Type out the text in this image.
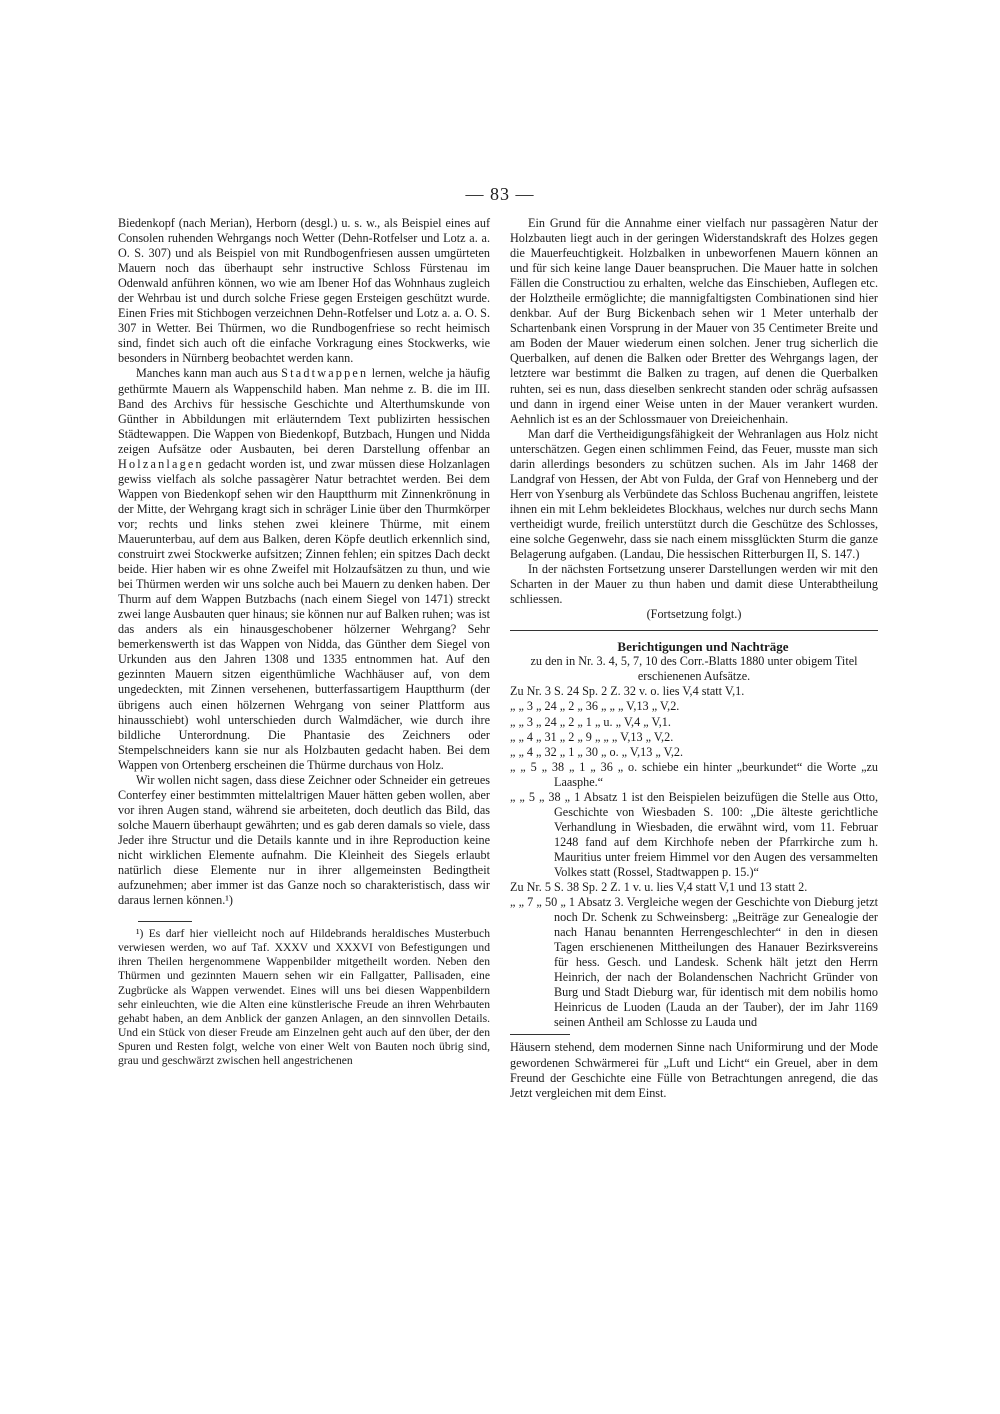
— 83 —

Biedenkopf (nach Merian), Herborn (desgl.) u. s. w., als Beispiel eines auf Consolen ruhenden Wehrgangs noch Wetter (Dehn-Rotfelser und Lotz a. a. O. S. 307) und als Beispiel von mit Rundbogenfriesen aussen umgürteten Mauern noch das überhaupt sehr instructive Schloss Fürstenau im Odenwald anführen können, wo wie am Ibener Hof das Wohnhaus zugleich der Wehrbau ist und durch solche Friese gegen Ersteigen geschützt wurde. Einen Fries mit Stichbogen verzeichnen Dehn-Rotfelser und Lotz a. a. O. S. 307 in Wetter. Bei Thürmen, wo die Rundbogenfriese so recht heimisch sind, findet sich auch oft die einfache Vorkragung eines Stockwerks, wie besonders in Nürnberg beobachtet werden kann.

Manches kann man auch aus Stadtwappen lernen, welche ja häufig gethürmte Mauern als Wappenschild haben. Man nehme z. B. die im III. Band des Archivs für hessische Geschichte und Alterthumskunde von Günther in Abbildungen mit erläuterndem Text publizirten hessischen Städtewappen. Die Wappen von Biedenkopf, Butzbach, Hungen und Nidda zeigen Aufsätze oder Ausbauten, bei deren Darstellung offenbar an Holzanlagen gedacht worden ist, und zwar müssen diese Holzanlagen gewiss vielfach als solche passagèrer Natur betrachtet werden. Bei dem Wappen von Biedenkopf sehen wir den Hauptthurm mit Zinnenkrönung in der Mitte, der Wehrgang kragt sich in schräger Linie über den Thurmkörper vor; rechts und links stehen zwei kleinere Thürme, mit einem Mauerunterbau, auf dem aus Balken, deren Köpfe deutlich erkennlich sind, construirt zwei Stockwerke aufsitzen; Zinnen fehlen; ein spitzes Dach deckt beide. Hier haben wir es ohne Zweifel mit Holzaufsätzen zu thun, und wie bei Thürmen werden wir uns solche auch bei Mauern zu denken haben. Der Thurm auf dem Wappen Butzbachs (nach einem Siegel von 1471) streckt zwei lange Ausbauten quer hinaus; sie können nur auf Balken ruhen; was ist das anders als ein hinausgeschobener hölzerner Wehrgang? Sehr bemerkenswerth ist das Wappen von Nidda, das Günther dem Siegel von Urkunden aus den Jahren 1308 und 1335 entnommen hat. Auf den gezinnten Mauern sitzen eigenthümliche Wachhäuser auf, von dem ungedeckten, mit Zinnen versehenen, butterfassartigem Hauptthurm (der übrigens auch einen hölzernen Wehrgang von seiner Plattform aus hinausschiebt) wohl unterschieden durch Walmdächer, wie durch ihre bildliche Unterordnung. Die Phantasie des Zeichners oder Stempelschneiders kann sie nur als Holzbauten gedacht haben. Bei dem Wappen von Ortenberg erscheinen die Thürme durchaus von Holz.

Wir wollen nicht sagen, dass diese Zeichner oder Schneider ein getreues Conterfey einer bestimmten mittelaltrigen Mauer hätten geben wollen, aber vor ihren Augen stand, während sie arbeiteten, doch deutlich das Bild, das solche Mauern überhaupt gewährten; und es gab deren damals so viele, dass Jeder ihre Structur und die Details kannte und in ihre Reproduction keine nicht wirklichen Elemente aufnahm. Die Kleinheit des Siegels erlaubt natürlich diese Elemente nur in ihrer allgemeinsten Bedingtheit aufzunehmen; aber immer ist das Ganze noch so charakteristisch, dass wir daraus lernen können.¹)

¹) Es darf hier vielleicht noch auf Hildebrands heraldisches Musterbuch verwiesen werden, wo auf Taf. XXXV und XXXVI von Befestigungen und ihren Theilen hergenommene Wappenbilder mitgetheilt worden. Neben den Thürmen und gezinnten Mauern sehen wir ein Fallgatter, Pallisaden, eine Zugbrücke als Wappen verwendet. Eines will uns bei diesen Wappenbildern sehr einleuchten, wie die Alten eine künstlerische Freude an ihren Wehrbauten gehabt haben, an dem Anblick der ganzen Anlagen, an den sinnvollen Details. Und ein Stück von dieser Freude am Einzelnen geht auch auf den über, der den Spuren und Resten folgt, welche von einer Welt von Bauten noch übrig sind, grau und geschwärzt zwischen hell angestrichenen

Ein Grund für die Annahme einer vielfach nur passagèren Natur der Holzbauten liegt auch in der geringen Widerstandskraft des Holzes gegen die Mauerfeuchtigkeit. Holzbalken in unbeworfenen Mauern können an und für sich keine lange Dauer beanspruchen. Die Mauer hatte in solchen Fällen die Constructiou zu erhalten, welche das Einschieben, Auflegen etc. der Holztheile ermöglichte; die mannigfaltigsten Combinationen sind hier denkbar. Auf der Burg Bickenbach sehen wir 1 Meter unterhalb der Schartenbank einen Vorsprung in der Mauer von 35 Centimeter Breite und am Boden der Mauer wiederum einen solchen. Jener trug sicherlich die Querbalken, auf denen die Balken oder Bretter des Wehrgangs lagen, der letztere war bestimmt die Balken zu tragen, auf denen die Querbalken ruhten, sei es nun, dass dieselben senkrecht standen oder schräg aufsassen und dann in irgend einer Weise unten in der Mauer verankert wurden. Aehnlich ist es an der Schlossmauer von Dreieichenhain.

Man darf die Vertheidigungsfähigkeit der Wehranlagen aus Holz nicht unterschätzen. Gegen einen schlimmen Feind, das Feuer, musste man sich darin allerdings besonders zu schützen suchen. Als im Jahr 1468 der Landgraf von Hessen, der Abt von Fulda, der Graf von Henneberg und der Herr von Ysenburg als Verbündete das Schloss Buchenau angriffen, leistete ihnen ein mit Lehm bekleidetes Blockhaus, welches nur durch sechs Mann vertheidigt wurde, freilich unterstützt durch die Geschütze des Schlosses, eine solche Gegenwehr, dass sie nach einem missglückten Sturm die ganze Belagerung aufgaben. (Landau, Die hessischen Ritterburgen II, S. 147.)

In der nächsten Fortsetzung unserer Darstellungen werden wir mit den Scharten in der Mauer zu thun haben und damit diese Unterabtheilung schliessen.

(Fortsetzung folgt.)

Berichtigungen und Nachträge

zu den in Nr. 3. 4, 5, 7, 10 des Corr.-Blatts 1880 unter obigem Titel erschienenen Aufsätze.

Zu Nr. 3 S. 24 Sp. 2 Z. 32 v. o. lies V,4 statt V,1.
„ „ 3 „ 24 „ 2 „ 36 „ „ „ V,13 „ V,2.
„ „ 3 „ 24 „ 2 „ 1 „ u. „ V,4 „ V,1.
„ „ 4 „ 31 „ 2 „ 9 „ „ „ V,13 „ V,2.
„ „ 4 „ 32 „ 1 „ 30 „ o. „ V,13 „ V,2.
„ „ 5 „ 38 „ 1 „ 36 „ o. schiebe ein hinter „beurkundet“ die Worte „zu Laasphe.“
„ „ 5 „ 38 „ 1 Absatz 1 ist den Beispielen beizufügen die Stelle aus Otto, Geschichte von Wiesbaden S. 100: „Die älteste gerichtliche Verhandlung in Wiesbaden, die erwähnt wird, vom 11. Februar 1248 fand auf dem Kirchhofe neben der Pfarrkirche zum h. Mauritius unter freiem Himmel vor den Augen des versammelten Volkes statt (Rossel, Stadtwappen p. 15.)“
Zu Nr. 5 S. 38 Sp. 2 Z. 1 v. u. lies V,4 statt V,1 und 13 statt 2.
„ „ 7 „ 50 „ 1 Absatz 3. Vergleiche wegen der Geschichte von Dieburg jetzt noch Dr. Schenk zu Schweinsberg: „Beiträge zur Genealogie der nach Hanau benannten Herrengeschlechter“ in den in diesen Tagen erschienenen Mittheilungen des Hanauer Bezirksvereins für hess. Gesch. und Landesk. Schenk hält jetzt den Herrn Heinrich, der nach der Bolandenschen Nachricht Gründer von Burg und Stadt Dieburg war, für identisch mit dem nobilis homo Heinricus de Luoden (Lauda an der Tauber), der im Jahr 1169 seinen Antheil am Schlosse zu Lauda und

Häusern stehend, dem modernen Sinne nach Uniformirung und der Mode gewordenen Schwärmerei für „Luft und Licht“ ein Greuel, aber in dem Freund der Geschichte eine Fülle von Betrachtungen anregend, die das Jetzt vergleichen mit dem Einst.
